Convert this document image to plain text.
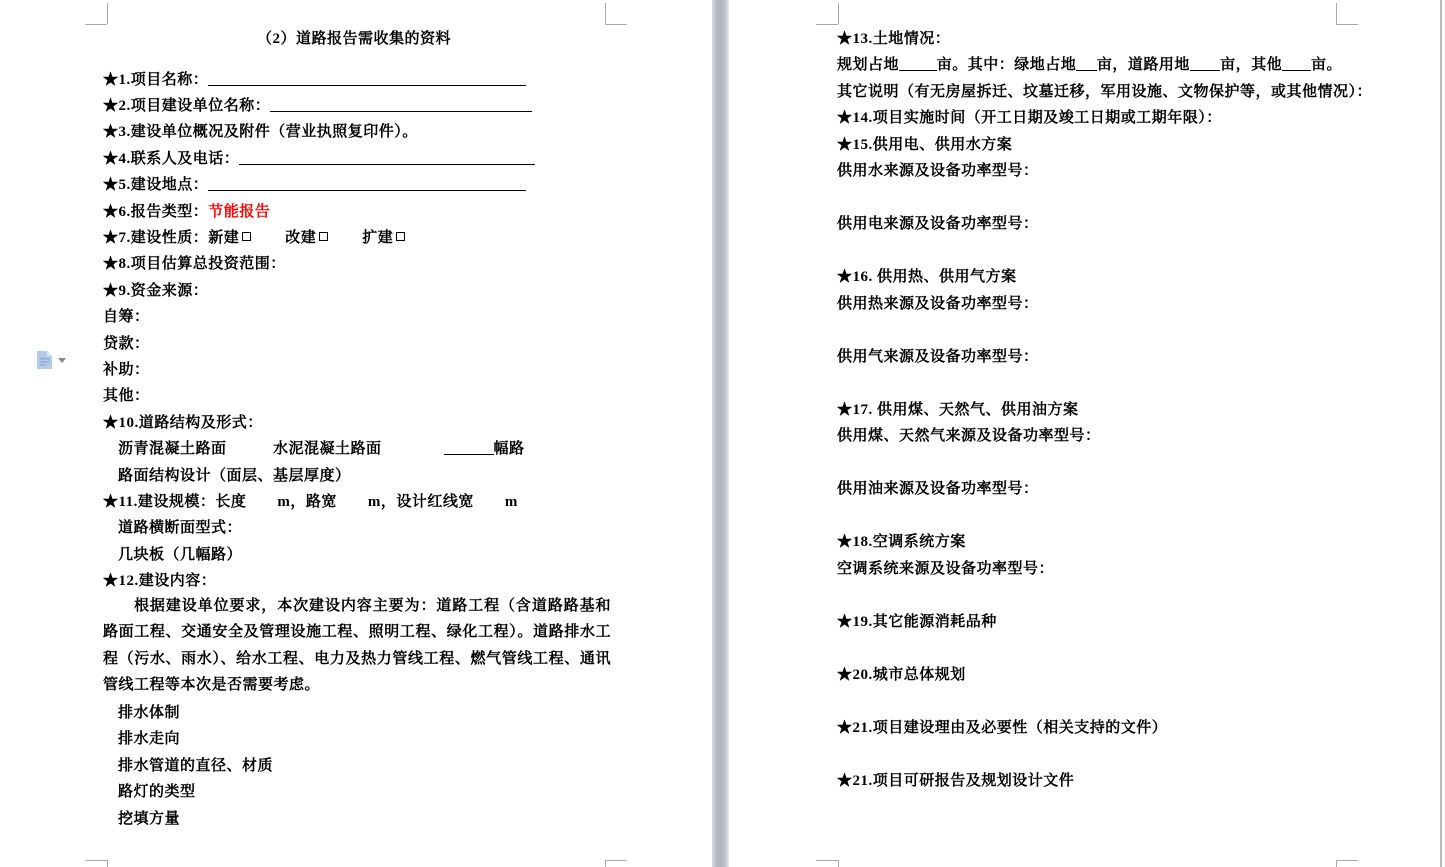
（2）道路报告需收集的资料
★1.项目名称：
★2.项目建设单位名称：
★3.建设单位概况及附件（营业执照复印件）。
★4.联系人及电话：
★5.建设地点：
★6.报告类型： 节能报告
★7.建设性质：新建 　　改建 　　扩建
★8.项目估算总投资范围：
★9.资金来源：
自筹：
贷款：
补助：
其他：
★10.道路结构及形式：
沥青混凝土路面　　　水泥混凝土路面　　　　	幅路
路面结构设计（面层、基层厚度）
★11.建设规模：长度　　m，路宽　　m，设计红线宽　　m
道路横断面型式：
几块板（几幅路）
★12.建设内容：
根据建设单位要求，本次建设内容主要为：道路工程（含道路路基和路面工程、交通安全及管理设施工程、照明工程、绿化工程）。道路排水工程（污水、雨水）、给水工程、电力及热力管线工程、燃气管线工程、通讯管线工程等本次是否需要考虑。
排水体制
排水走向
排水管道的直径、材质
路灯的类型
挖填方量
★13.土地情况：
规划占地	亩。其中：绿地占地 亩，道路用地 亩，其他 亩。
其它说明（有无房屋拆迁、坟墓迁移，军用设施、文物保护等，或其他情况）：
★14.项目实施时间（开工日期及竣工日期或工期年限）：
★15.供用电、供用水方案
供用水来源及设备功率型号：
供用电来源及设备功率型号：
★16. 供用热、供用气方案
供用热来源及设备功率型号：
供用气来源及设备功率型号：
★17. 供用煤、天然气、供用油方案
供用煤、天然气来源及设备功率型号：
供用油来源及设备功率型号：
★18.空调系统方案
空调系统来源及设备功率型号：
★19.其它能源消耗品种
★20.城市总体规划
★21.项目建设理由及必要性（相关支持的文件）
★21.项目可研报告及规划设计文件
